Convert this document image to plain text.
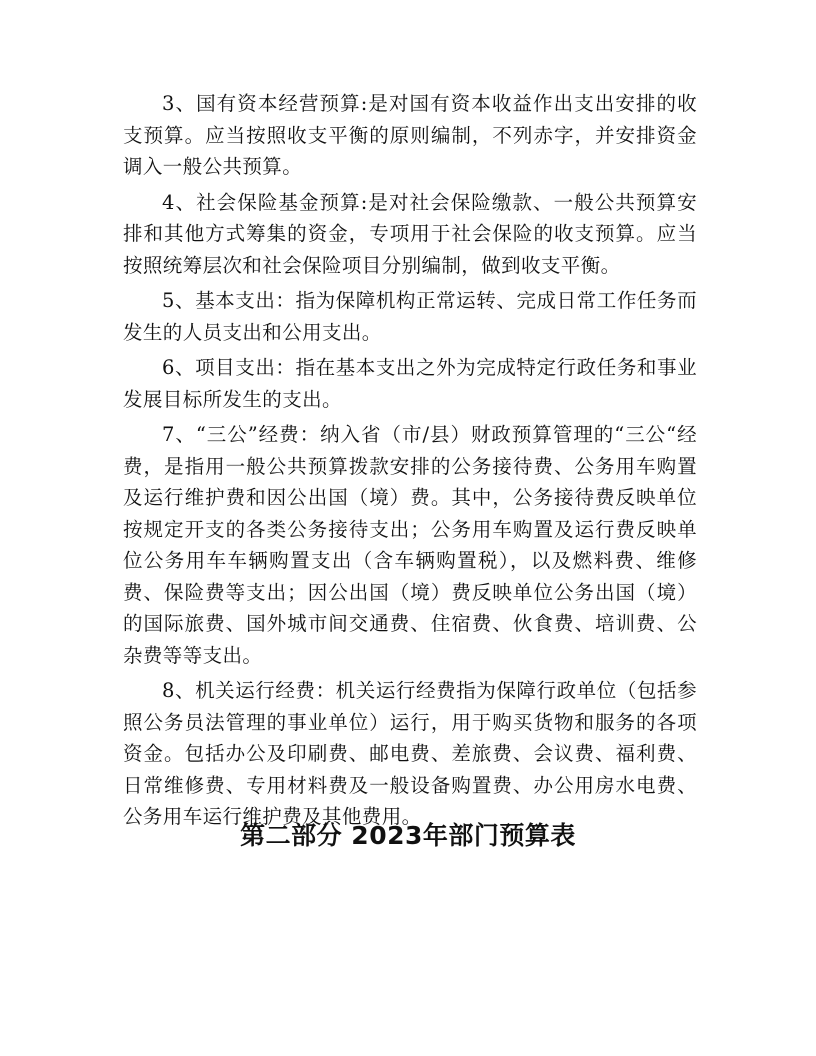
3、国有资本经营预算:是对国有资本收益作出支出安排的收支预算。应当按照收支平衡的原则编制，不列赤字，并安排资金调入一般公共预算。

4、社会保险基金预算:是对社会保险缴款、一般公共预算安排和其他方式筹集的资金，专项用于社会保险的收支预算。应当按照统筹层次和社会保险项目分别编制，做到收支平衡。

5、基本支出：指为保障机构正常运转、完成日常工作任务而发生的人员支出和公用支出。

6、项目支出：指在基本支出之外为完成特定行政任务和事业发展目标所发生的支出。

7、“三公”经费：纳入省（市/县）财政预算管理的“三公“经费，是指用一般公共预算拨款安排的公务接待费、公务用车购置及运行维护费和因公出国（境）费。其中，公务接待费反映单位按规定开支的各类公务接待支出；公务用车购置及运行费反映单位公务用车车辆购置支出（含车辆购置税），以及燃料费、维修费、保险费等支出；因公出国（境）费反映单位公务出国（境）的国际旅费、国外城市间交通费、住宿费、伙食费、培训费、公杂费等等支出。

8、机关运行经费：机关运行经费指为保障行政单位（包括参照公务员法管理的事业单位）运行，用于购买货物和服务的各项资金。包括办公及印刷费、邮电费、差旅费、会议费、福利费、日常维修费、专用材料费及一般设备购置费、办公用房水电费、公务用车运行维护费及其他费用。

第二部分 2023年部门预算表
